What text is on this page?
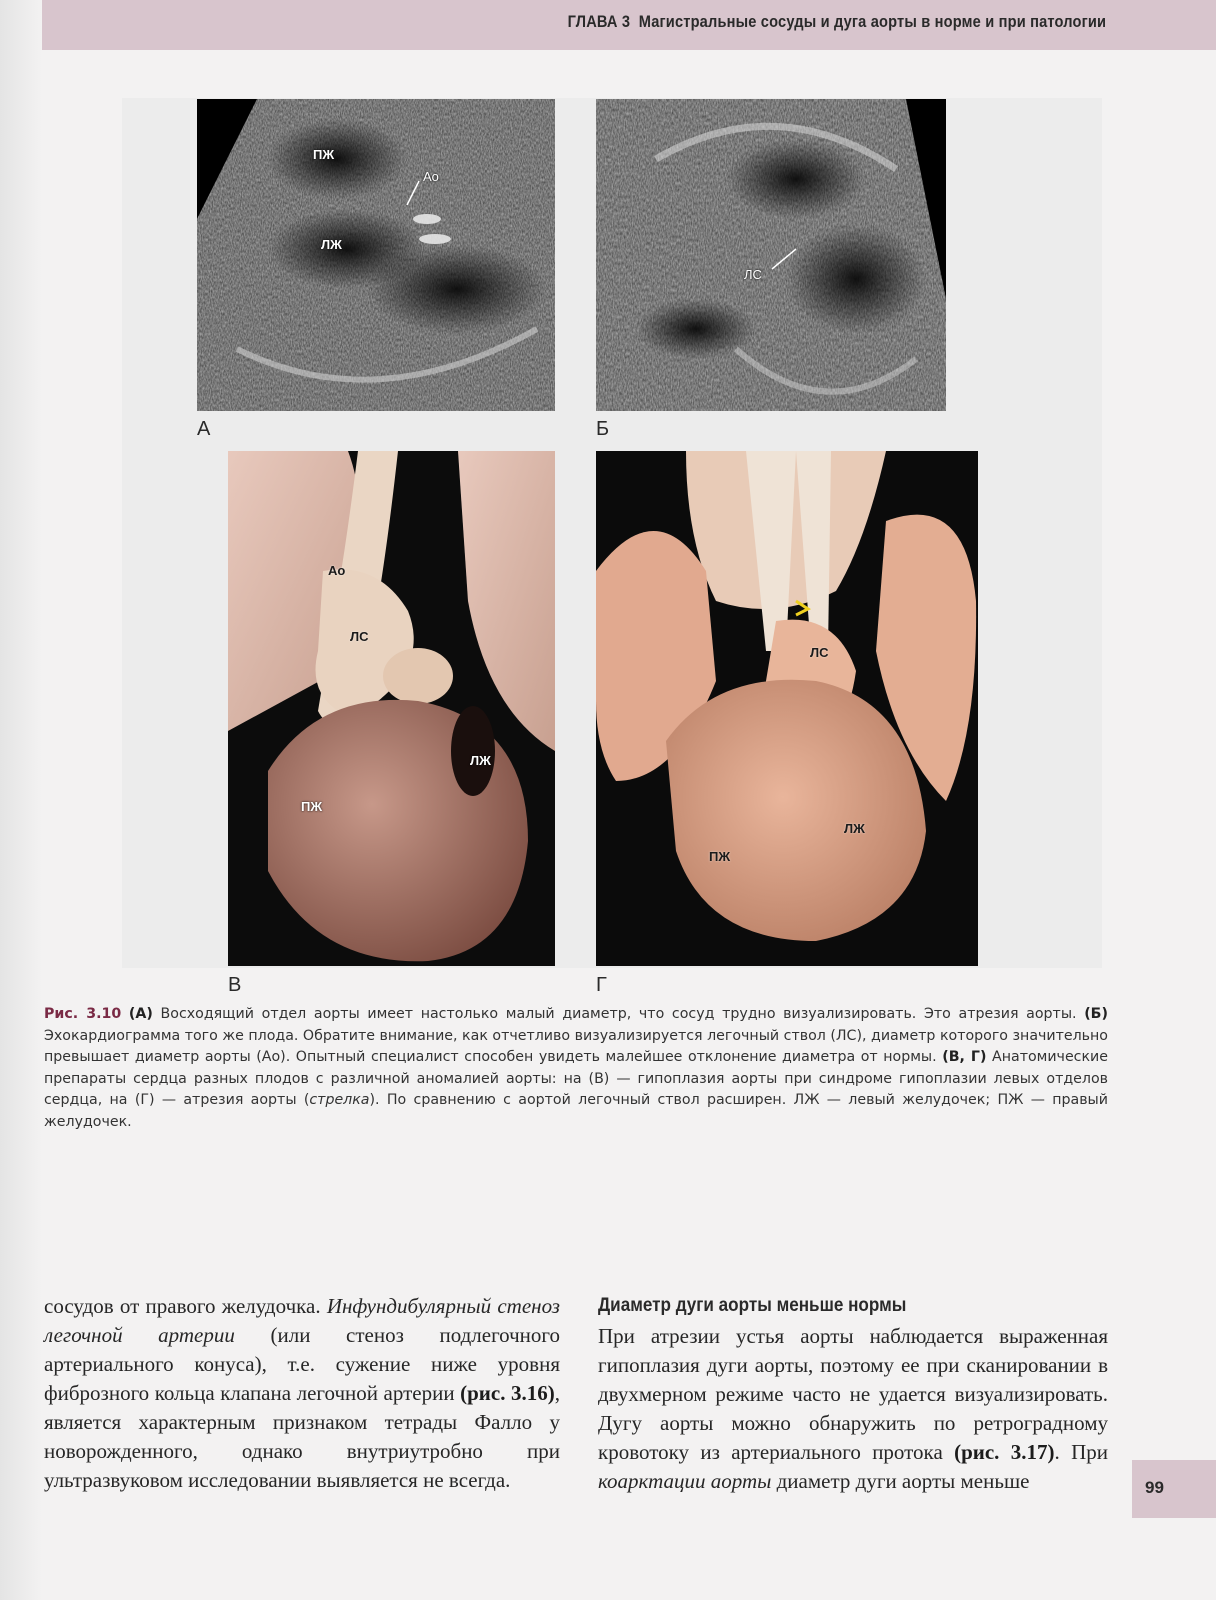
ГЛАВА 3 Магистральные сосуды и дуга аорты в норме и при патологии
ПЖ
ЛЖ
Ао
А
ЛС
Б
Ао
ЛС
ЛЖ
ПЖ
В
ЛС
ЛЖ
ПЖ
Г
Рис. 3.10 (А) Восходящий отдел аорты имеет настолько малый диаметр, что сосуд трудно визуализировать. Это атрезия аорты. (Б) Эхокардиограмма того же плода. Обратите внимание, как отчетливо визуализируется легочный ствол (ЛС), диаметр которого значительно превышает диаметр аорты (Ао). Опытный специалист способен увидеть малейшее отклонение диаметра от нормы. (В, Г) Анатомические препараты сердца разных плодов с различной аномалией аорты: на (В) — гипоплазия аорты при синдроме гипоплазии левых отделов сердца, на (Г) — атрезия аорты (стрелка). По сравнению с аортой легочный ствол расширен. ЛЖ — левый желудочек; ПЖ — правый желудочек.
сосудов от правого желудочка. Инфундибулярный стеноз легочной артерии (или стеноз подлегочного артериального конуса), т.е. сужение ниже уровня фиброзного кольца клапана легочной артерии (рис. 3.16), является характерным признаком тетрады Фалло у новорожденного, однако внутриутробно при ультразвуковом исследовании выявляется не всегда.
Диаметр дуги аорты меньше нормы
При атрезии устья аорты наблюдается выраженная гипоплазия дуги аорты, поэтому ее при сканировании в двухмерном режиме часто не удается визуализировать. Дугу аорты можно обнаружить по ретроградному кровотоку из артериального протока (рис. 3.17). При коарктации аорты диаметр дуги аорты меньше	99
